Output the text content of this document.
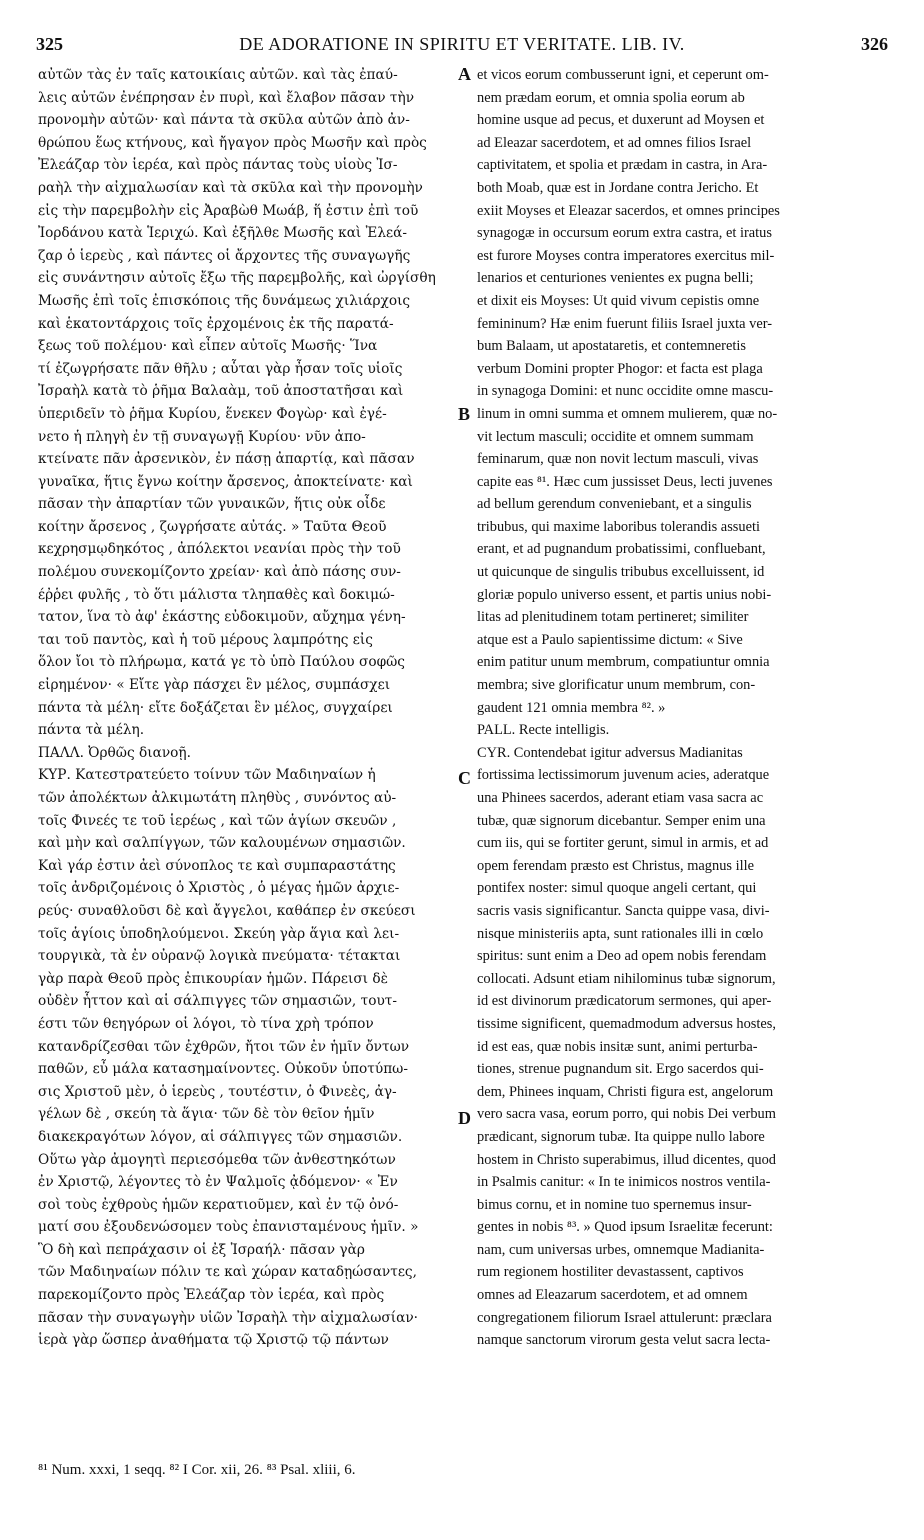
325	DE ADORATIONE IN SPIRITU ET VERITATE. LIB. IV.	326
αὐτῶν τὰς ἐν ταῖς κατοικίαις αὐτῶν. καὶ τὰς ἐπαύ-
λεις αὐτῶν ἐνέπρησαν ἐν πυρὶ, καὶ ἔλαβον πᾶσαν τὴν
προνομὴν αὐτῶν· καὶ πάντα τὰ σκῦλα αὐτῶν ἀπὸ ἀν-
θρώπου ἕως κτήνους, καὶ ἤγαγον πρὸς Μωσῆν καὶ πρὸς
Ἐλεάζαρ τὸν ἱερέα, καὶ πρὸς πάντας τοὺς υἱοὺς Ἰσ-
ραὴλ τὴν αἰχμαλωσίαν καὶ τὰ σκῦλα καὶ τὴν προνομὴν
εἰς τὴν παρεμβολὴν εἰς Ἀραβὼθ Μωάβ, ἥ ἐστιν ἐπὶ τοῦ
Ἰορδάνου κατὰ Ἱεριχώ. Καὶ ἐξῆλθε Μωσῆς καὶ Ἐλεά-
ζαρ ὁ ἱερεὺς , καὶ πάντες οἱ ἄρχοντες τῆς συναγωγῆς
εἰς συνάντησιν αὐτοῖς ἔξω τῆς παρεμβολῆς, καὶ ὠργίσθη
Μωσῆς ἐπὶ τοῖς ἐπισκόποις τῆς δυνάμεως χιλιάρχοις
καὶ ἑκατοντάρχοις τοῖς ἐρχομένοις ἐκ τῆς παρατά-
ξεως τοῦ πολέμου· καὶ εἶπεν αὐτοῖς Μωσῆς· Ἵνα
τί ἐζωγρήσατε πᾶν θῆλυ ; αὗται γὰρ ἦσαν τοῖς υἱοῖς
Ἰσραὴλ κατὰ τὸ ῥῆμα Βαλαὰμ, τοῦ ἀποστατῆσαι καὶ
ὑπεριδεῖν τὸ ῥῆμα Κυρίου, ἕνεκεν Φογὼρ· καὶ ἐγέ-
νετο ἡ πληγὴ ἐν τῇ συναγωγῇ Κυρίου· νῦν ἀπο-
κτείνατε πᾶν ἀρσενικὸν, ἐν πάσῃ ἀπαρτίᾳ, καὶ πᾶσαν
γυναῖκα, ἥτις ἔγνω κοίτην ἄρσενος, ἀποκτείνατε· καὶ
πᾶσαν τὴν ἀπαρτίαν τῶν γυναικῶν, ἥτις οὐκ οἶδε
κοίτην ἄρσενος , ζωγρήσατε αὐτάς. » Ταῦτα Θεοῦ
κεχρησμῳδηκότος , ἀπόλεκτοι νεανίαι πρὸς τὴν τοῦ
πολέμου συνεκομίζοντο χρείαν· καὶ ἀπὸ πάσης συν-
έῤῥει φυλῆς , τὸ ὅτι μάλιστα τληπαθὲς καὶ δοκιμώ-
τατον, ἵνα τὸ ἀφ' ἑκάστης εὐδοκιμοῦν, αὔχημα γένη-
ται τοῦ παντὸς, καὶ ἡ τοῦ μέρους λαμπρότης εἰς
ὅλον ἴοι τὸ πλήρωμα, κατά γε τὸ ὑπὸ Παύλου σοφῶς
εἰρημένον· « Εἴτε γὰρ πάσχει ἓν μέλος, συμπάσχει
πάντα τὰ μέλη· εἴτε δοξάζεται ἓν μέλος, συγχαίρει
πάντα τὰ μέλη.
ΠΑΛΛ. Ὀρθῶς διανοῇ.
ΚΥΡ. Κατεστρατεύετο τοίνυν τῶν Μαδιηναίων ἡ
τῶν ἀπολέκτων ἀλκιμωτάτη πληθὺς , συνόντος αὐ-
τοῖς Φινεές τε τοῦ ἱερέως , καὶ τῶν ἁγίων σκευῶν ,
καὶ μὴν καὶ σαλπίγγων, τῶν καλουμένων σημασιῶν.
Καὶ γάρ ἐστιν ἀεὶ σύνοπλος τε καὶ συμπαραστάτης
τοῖς ἀνδριζομένοις ὁ Χριστὸς , ὁ μέγας ἡμῶν ἀρχιε-
ρεύς· συναθλοῦσι δὲ καὶ ἄγγελοι, καθάπερ ἐν σκεύεσι
τοῖς ἁγίοις ὑποδηλούμενοι. Σκεύη γὰρ ἅγια καὶ λει-
τουργικὰ, τὰ ἐν οὐρανῷ λογικὰ πνεύματα· τέτακται
γὰρ παρὰ Θεοῦ πρὸς ἐπικουρίαν ἡμῶν. Πάρεισι δὲ
οὐδὲν ἧττον καὶ αἱ σάλπιγγες τῶν σημασιῶν, τουτ-
έστι τῶν θεηγόρων οἱ λόγοι, τὸ τίνα χρὴ τρόπον
κατανδρίζεσθαι τῶν ἐχθρῶν, ἤτοι τῶν ἐν ἡμῖν ὄντων
παθῶν, εὖ μάλα κατασημαίνοντες. Οὐκοῦν ὑποτύπω-
σις Χριστοῦ μὲν, ὁ ἱερεὺς , τουτέστιν, ὁ Φινεὲς, ἀγ-
γέλων δὲ , σκεύη τὰ ἅγια· τῶν δὲ τὸν θεῖον ἡμῖν
διακεκραγότων λόγον, αἱ σάλπιγγες τῶν σημασιῶν.
Οὕτω γὰρ ἀμογητὶ περιεσόμεθα τῶν ἀνθεστηκότων
ἐν Χριστῷ, λέγοντες τὸ ἐν Ψαλμοῖς ᾀδόμενον· « Ἐν
σοὶ τοὺς ἐχθροὺς ἡμῶν κερατιοῦμεν, καὶ ἐν τῷ ὀνό-
ματί σου ἐξουδενώσομεν τοὺς ἐπανισταμένους ἡμῖν. »
Ὃ δὴ καὶ πεπράχασιν οἱ ἐξ Ἰσραήλ· πᾶσαν γὰρ
τῶν Μαδιηναίων πόλιν τε καὶ χώραν καταδῃώσαντες,
παρεκομίζοντο πρὸς Ἐλεάζαρ τὸν ἱερέα, καὶ πρὸς
πᾶσαν τὴν συναγωγὴν υἱῶν Ἰσραὴλ τὴν αἰχμαλωσίαν·
ἱερὰ γὰρ ὥσπερ ἀναθήματα τῷ Χριστῷ τῷ πάντων
et vicos eorum combusserunt igni, et ceperunt om-
nem prædam eorum, et omnia spolia eorum ab
homine usque ad pecus, et duxerunt ad Moysen et
ad Eleazar sacerdotem, et ad omnes filios Israel
captivitatem, et spolia et prædam in castra, in Ara-
both Moab, quæ est in Jordane contra Jericho. Et
exiit Moyses et Eleazar sacerdos, et omnes principes
synagogæ in occursum eorum extra castra, et iratus
est furore Moyses contra imperatores exercitus mil-
lenarios et centuriones venientes ex pugna belli;
et dixit eis Moyses: Ut quid vivum cepistis omne
femininum? Hæ enim fuerunt filiis Israel juxta ver-
bum Balaam, ut apostataretis, et contemneretis
verbum Domini propter Phogor: et facta est plaga
in synagoga Domini: et nunc occidite omne mascu-
linum in omni summa et omnem mulierem, quæ no-
vit lectum masculi; occidite et omnem summam
feminarum, quæ non novit lectum masculi, vivas
capite eas ⁸¹. Hæc cum jussisset Deus, lecti juvenes
ad bellum gerendum conveniebant, et a singulis
tribubus, qui maxime laboribus tolerandis assueti
erant, et ad pugnandum probatissimi, confluebant,
ut quicunque de singulis tribubus excelluissent, id
gloriæ populo universo essent, et partis unius nobi-
litas ad plenitudinem totam pertineret; similiter
atque est a Paulo sapientissime dictum: « Sive
enim patitur unum membrum, compatiuntur omnia
membra; sive glorificatur unum membrum, con-
gaudent 121 omnia membra ⁸². »
PALL. Recte intelligis.
CYR. Contendebat igitur adversus Madianitas
fortissima lectissimorum juvenum acies, aderatque
una Phinees sacerdos, aderant etiam vasa sacra ac
tubæ, quæ signorum dicebantur. Semper enim una
cum iis, qui se fortiter gerunt, simul in armis, et ad
opem ferendam præsto est Christus, magnus ille
pontifex noster: simul quoque angeli certant, qui
sacris vasis significantur. Sancta quippe vasa, divi-
nisque ministeriis apta, sunt rationales illi in cœlo
spiritus: sunt enim a Deo ad opem nobis ferendam
collocati. Adsunt etiam nihilominus tubæ signorum,
id est divinorum prædicatorum sermones, qui aper-
tissime significent, quemadmodum adversus hostes,
id est eas, quæ nobis insitæ sunt, animi perturba-
tiones, strenue pugnandum sit. Ergo sacerdos qui-
dem, Phinees inquam, Christi figura est, angelorum
vero sacra vasa, eorum porro, qui nobis Dei verbum
prædicant, signorum tubæ. Ita quippe nullo labore
hostem in Christo superabimus, illud dicentes, quod
in Psalmis canitur: « In te inimicos nostros ventila-
bimus cornu, et in nomine tuo spernemus insur-
gentes in nobis ⁸³. » Quod ipsum Israelitæ fecerunt:
nam, cum universas urbes, omnemque Madianita-
rum regionem hostiliter devastassent, captivos
omnes ad Eleazarum sacerdotem, et ad omnem
congregationem filiorum Israel attulerunt: præclara
namque sanctorum virorum gesta velut sacra lecta-
A
B
C
D
⁸¹ Num. xxxi, 1 seqq. ⁸² I Cor. xii, 26. ⁸³ Psal. xliii, 6.
